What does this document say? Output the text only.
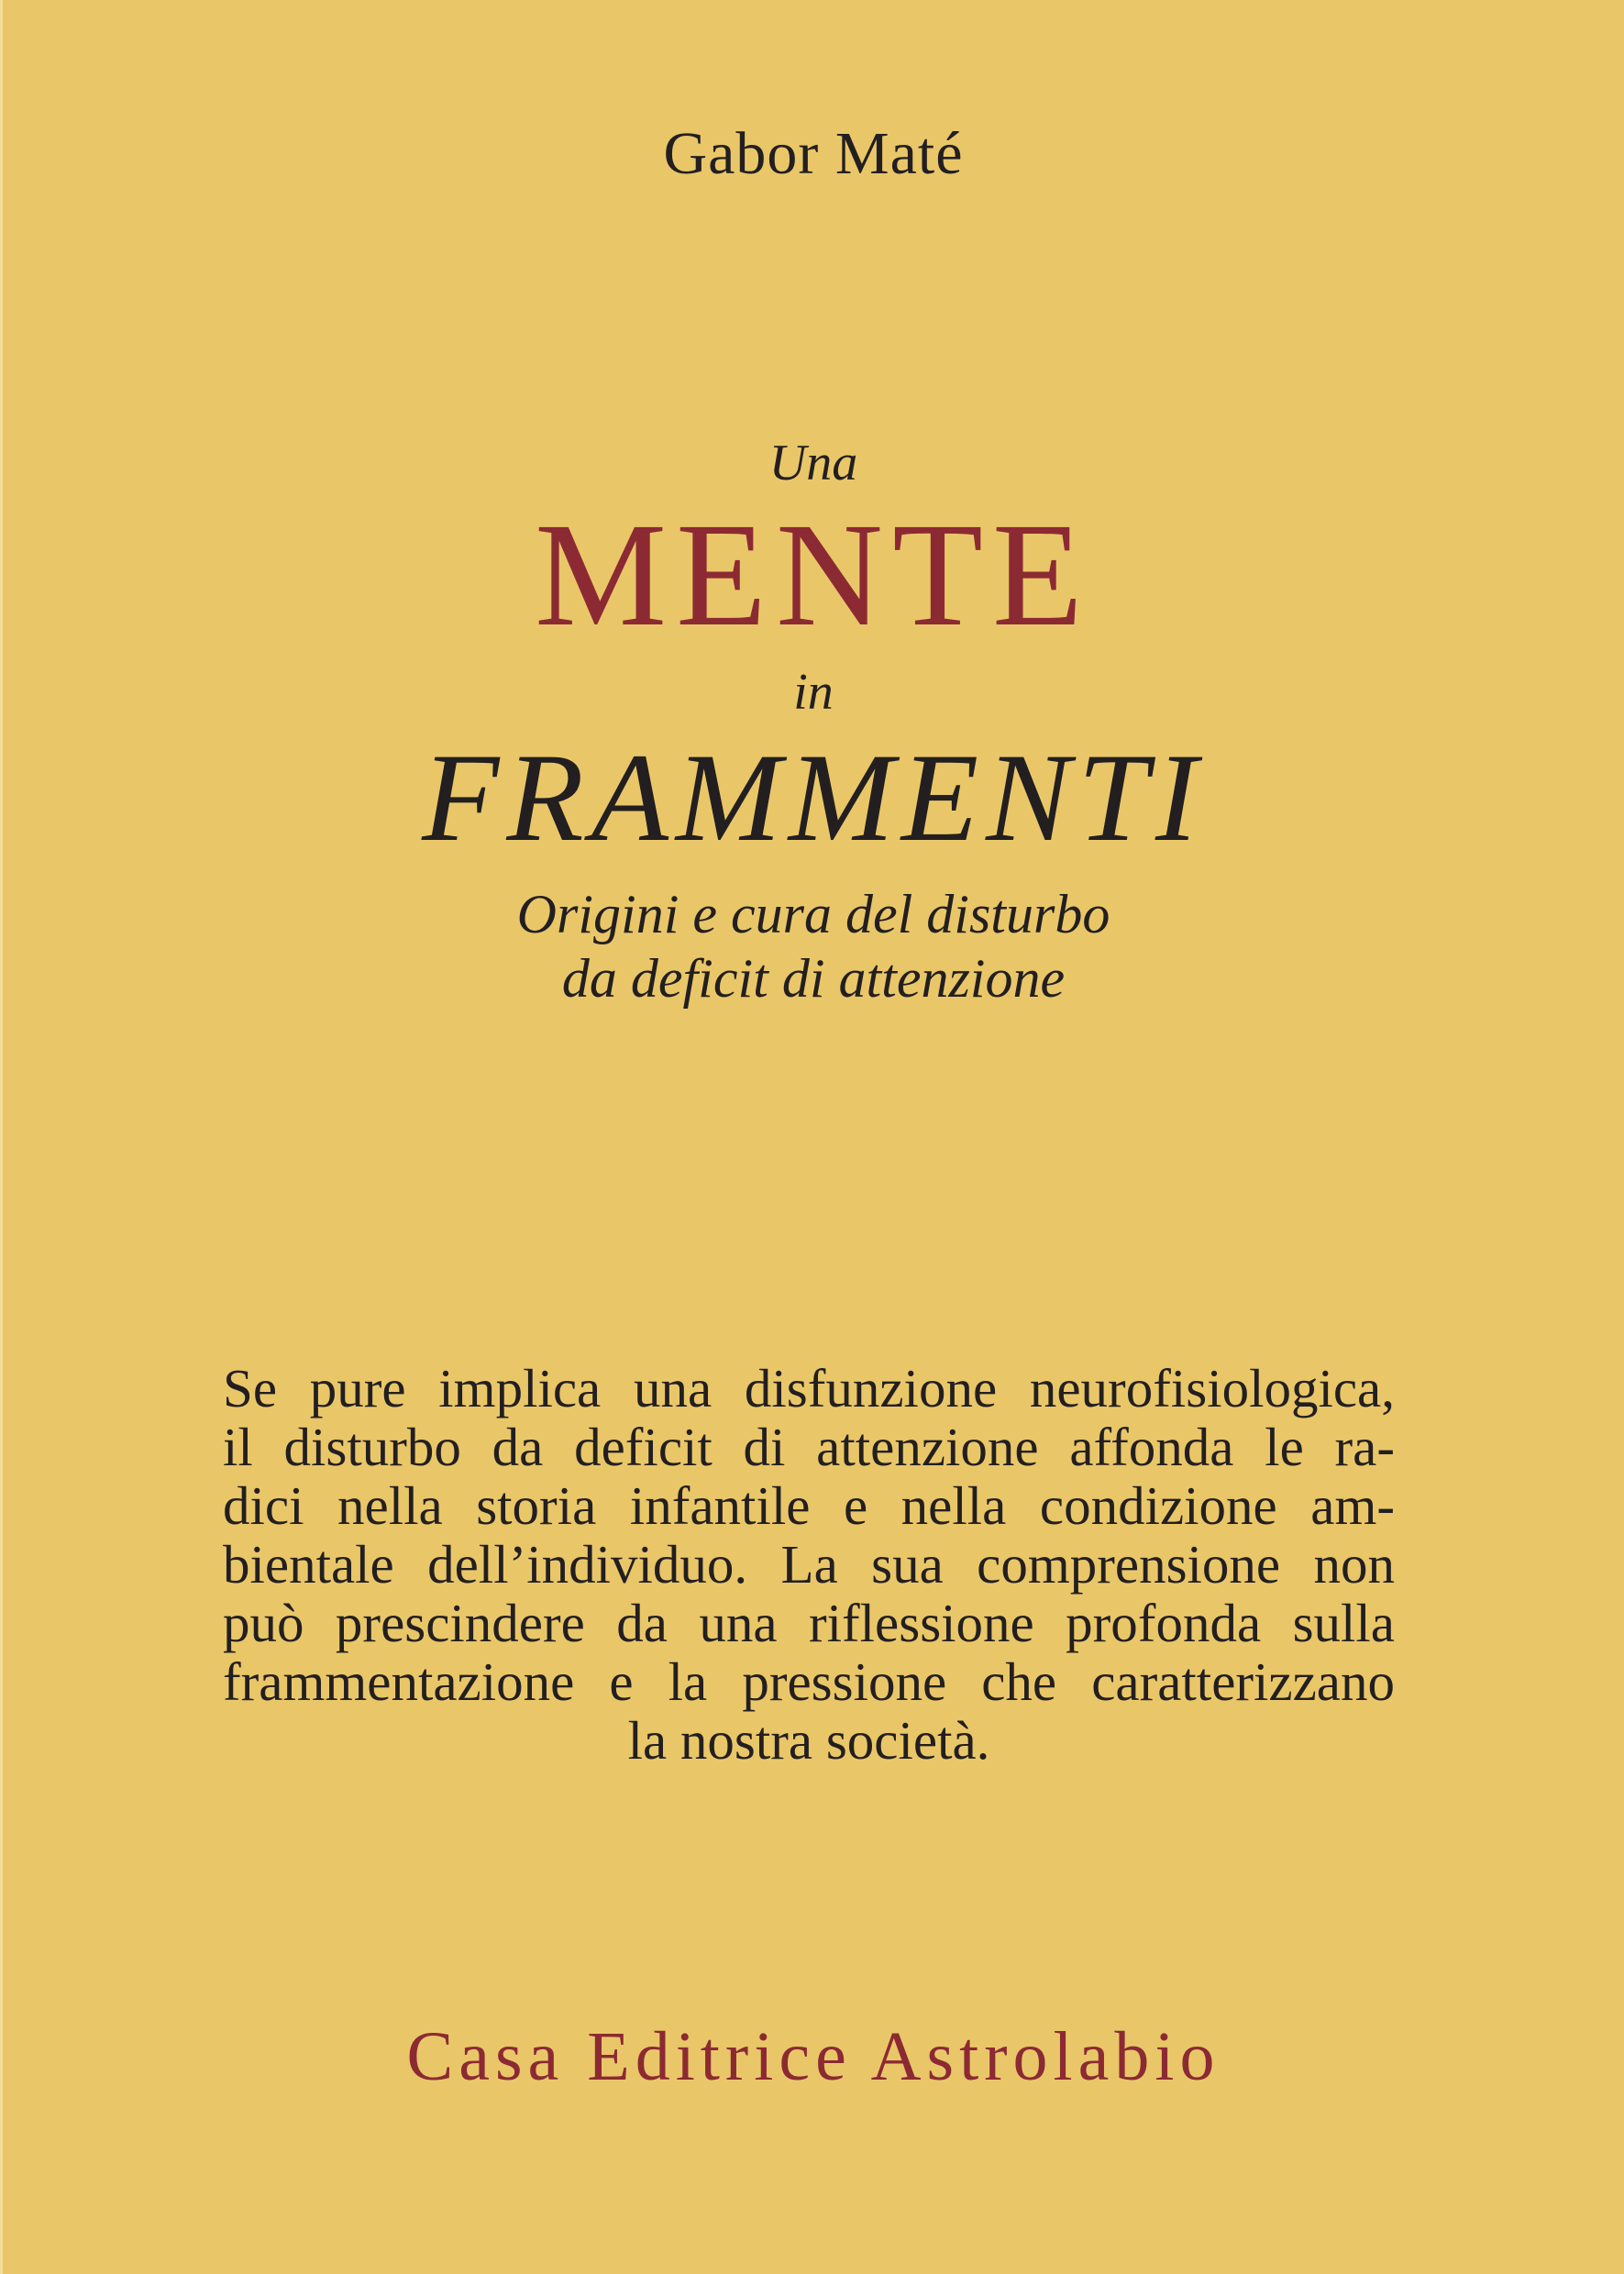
Gabor Maté
Una
MENTE
in
FRAMMENTI
Origini e cura del disturbo
da deficit di attenzione
Se pure implica una disfunzione neurofisiologica,
il disturbo da deficit di attenzione affonda le ra-
dici nella storia infantile e nella condizione am-
bientale dell’individuo. La sua comprensione non
può prescindere da una riflessione profonda sulla
frammentazione e la pressione che caratterizzano
la nostra società.
Casa Editrice Astrolabio
